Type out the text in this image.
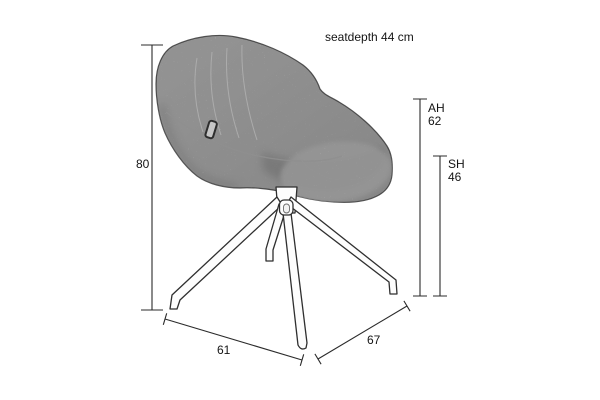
seatdepth 44 cm
80
AH
62
SH
46
61
67
